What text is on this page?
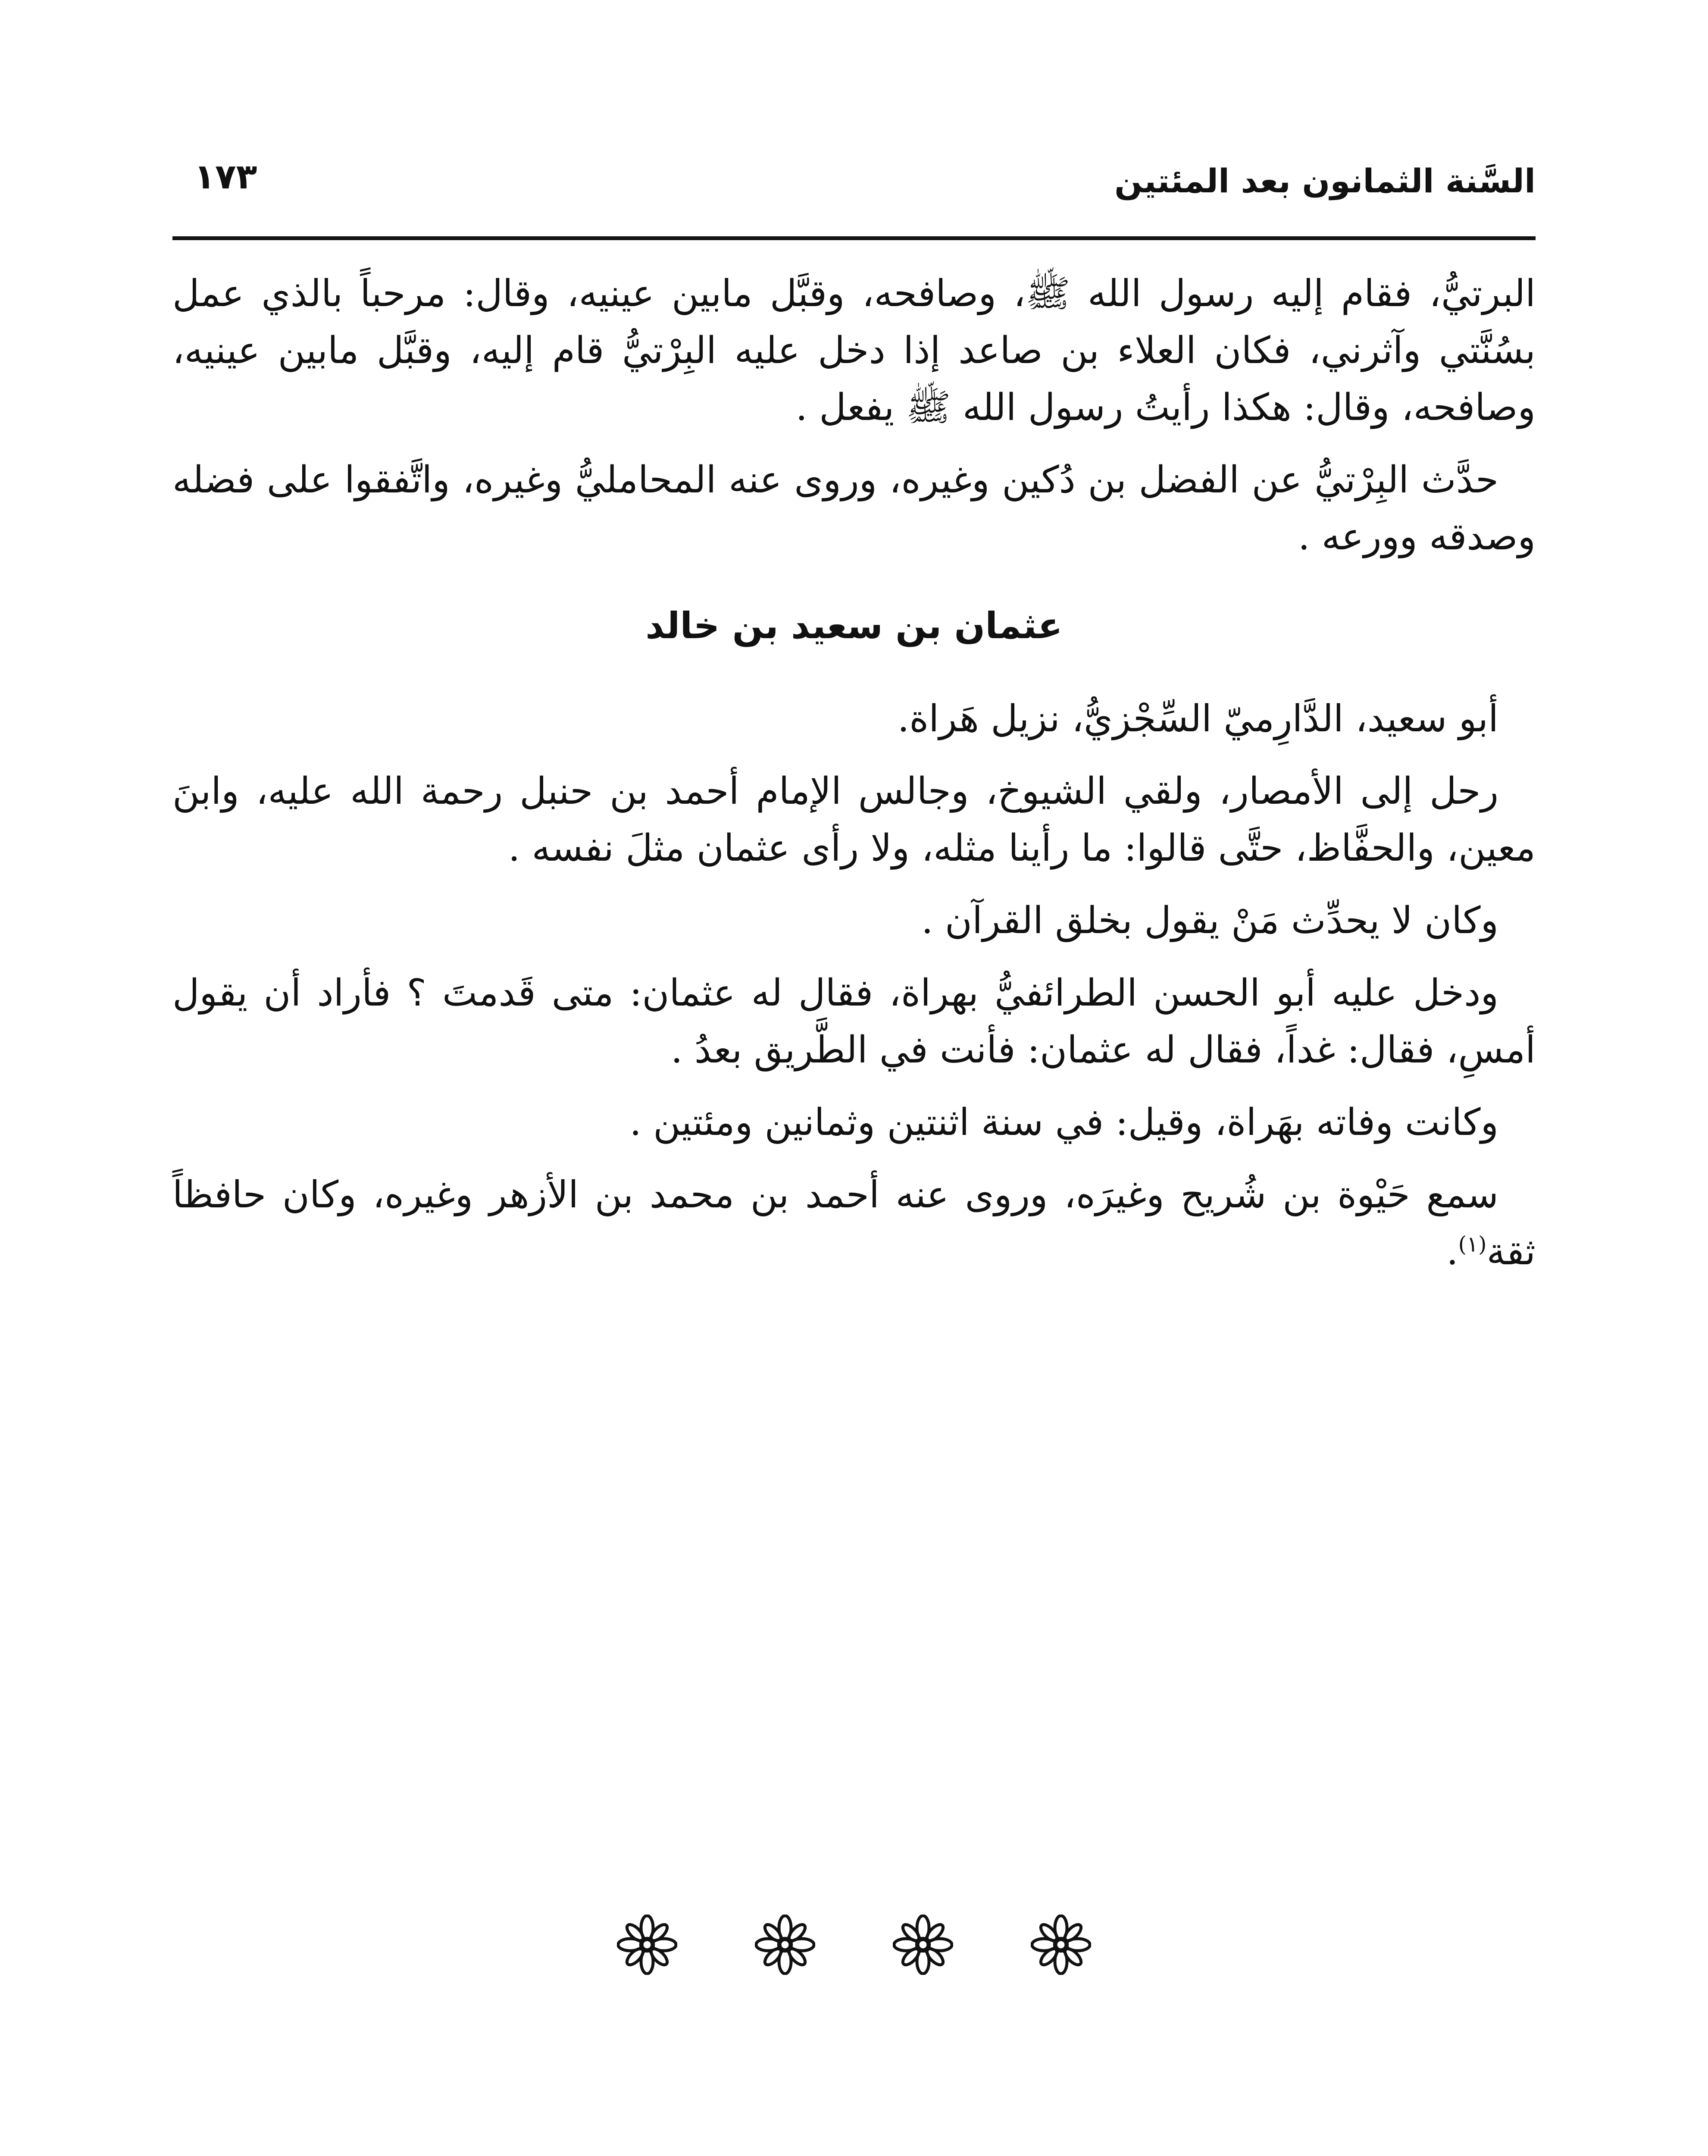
السَّنة الثمانون بعد المئتين
١٧٣

البرتيُّ، فقام إليه رسول الله ﷺ، وصافحه، وقبَّل مابين عينيه، وقال: مرحباً بالذي عمل بسُنَّتي وآثرني، فكان العلاء بن صاعد إذا دخل عليه البِرْتيُّ قام إليه، وقبَّل مابين عينيه، وصافحه، وقال: هكذا رأيتُ رسول الله ﷺ يفعل .

حدَّث البِرْتيُّ عن الفضل بن دُكين وغيره، وروى عنه المحامليُّ وغيره، واتَّفقوا على فضله وصدقه وورعه .

عثمان بن سعيد بن خالد

أبو سعيد، الدَّارِميّ السِّجْزيُّ، نزيل هَراة.

رحل إلى الأمصار، ولقي الشيوخ، وجالس الإمام أحمد بن حنبل رحمة الله عليه، وابنَ معين، والحفَّاظ، حتَّى قالوا: ما رأينا مثله، ولا رأى عثمان مثلَ نفسه .

وكان لا يحدِّث مَنْ يقول بخلق القرآن .

ودخل عليه أبو الحسن الطرائفيُّ بهراة، فقال له عثمان: متى قَدمتَ ؟ فأراد أن يقول أمسِ، فقال: غداً، فقال له عثمان: فأنت في الطَّريق بعدُ .

وكانت وفاته بهَراة، وقيل: في سنة اثنتين وثمانين ومئتين .

سمع حَيْوة بن شُريح وغيرَه، وروى عنه أحمد بن محمد بن الأزهر وغيره، وكان حافظاً ثقة$^{(١)}$.
